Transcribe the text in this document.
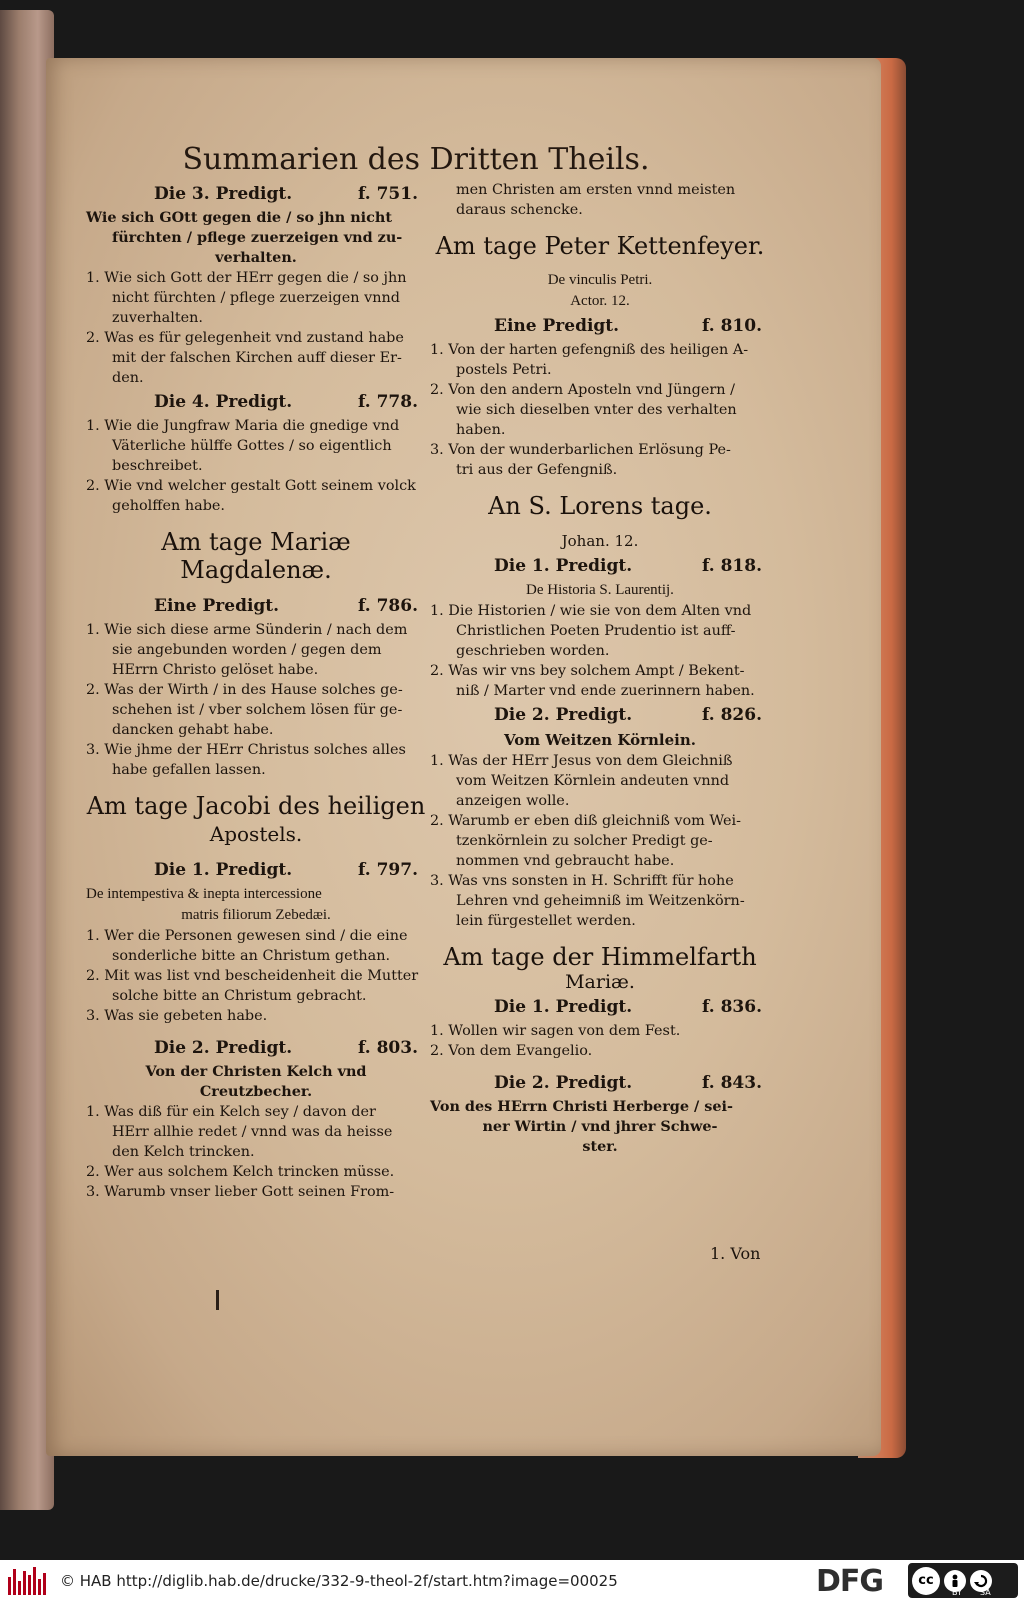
Summarien des Dritten Theils.
Die 3. Predigt.	f. 751.
Wie sich GOtt gegen die / so jhn nicht
fürchten / pflege zuerzeigen vnd zu-
verhalten.
1. Wie sich Gott der HErr gegen die / so jhn
nicht fürchten / pflege zuerzeigen vnnd
zuverhalten.
2. Was es für gelegenheit vnd zustand habe
mit der falschen Kirchen auff dieser Er-
den.
Die 4. Predigt.	f. 778.
1. Wie die Jungfraw Maria die gnedige vnd
Väterliche hülffe Gottes / so eigentlich
beschreibet.
2. Wie vnd welcher gestalt Gott seinem volck
geholffen habe.
Am tage Mariæ Magdalenæ.
Eine Predigt.	f. 786.
1. Wie sich diese arme Sünderin / nach dem
sie angebunden worden / gegen dem
HErrn Christo gelöset habe.
2. Was der Wirth / in des Hause solches ge-
schehen ist / vber solchem lösen für ge-
dancken gehabt habe.
3. Wie jhme der HErr Christus solches alles
habe gefallen lassen.
Am tage Jacobi des heiligen
Apostels.
Die 1. Predigt.	f. 797.
De intempestiva & inepta intercessione
matris filiorum Zebedæi.
1. Wer die Personen gewesen sind / die eine
sonderliche bitte an Christum gethan.
2. Mit was list vnd bescheidenheit die Mutter
solche bitte an Christum gebracht.
3. Was sie gebeten habe.
Die 2. Predigt.	f. 803.
Von der Christen Kelch vnd
Creutzbecher.
1. Was diß für ein Kelch sey / davon der
HErr allhie redet / vnnd was da heisse
den Kelch trincken.
2. Wer aus solchem Kelch trincken müsse.
3. Warumb vnser lieber Gott seinen From-
men Christen am ersten vnnd meisten
daraus schencke.
Am tage Peter Kettenfeyer.
De vinculis Petri.
Actor. 12.
Eine Predigt.	f. 810.
1. Von der harten gefengniß des heiligen A-
postels Petri.
2. Von den andern Aposteln vnd Jüngern /
wie sich dieselben vnter des verhalten
haben.
3. Von der wunderbarlichen Erlösung Pe-
tri aus der Gefengniß.
An S. Lorens tage.
Johan. 12.
Die 1. Predigt.	f. 818.
De Historia S. Laurentij.
1. Die Historien / wie sie von dem Alten vnd
Christlichen Poeten Prudentio ist auff-
geschrieben worden.
2. Was wir vns bey solchem Ampt / Bekent-
niß / Marter vnd ende zuerinnern haben.
Die 2. Predigt.	f. 826.
Vom Weitzen Körnlein.
1. Was der HErr Jesus von dem Gleichniß
vom Weitzen Körnlein andeuten vnnd
anzeigen wolle.
2. Warumb er eben diß gleichniß vom Wei-
tzenkörnlein zu solcher Predigt ge-
nommen vnd gebraucht habe.
3. Was vns sonsten in H. Schrifft für hohe
Lehren vnd geheimniß im Weitzenkörn-
lein fürgestellet werden.
Am tage der Himmelfarth
Mariæ.
Die 1. Predigt.	f. 836.
1. Wollen wir sagen von dem Fest.
2. Von dem Evangelio.
Die 2. Predigt.	f. 843.
Von des HErrn Christi Herberge / sei-
ner Wirtin / vnd jhrer Schwe-
ster.
1. Von
© HAB http://diglib.hab.de/drucke/332-9-theol-2f/start.htm?image=00025	DFG	cc
BY SA
